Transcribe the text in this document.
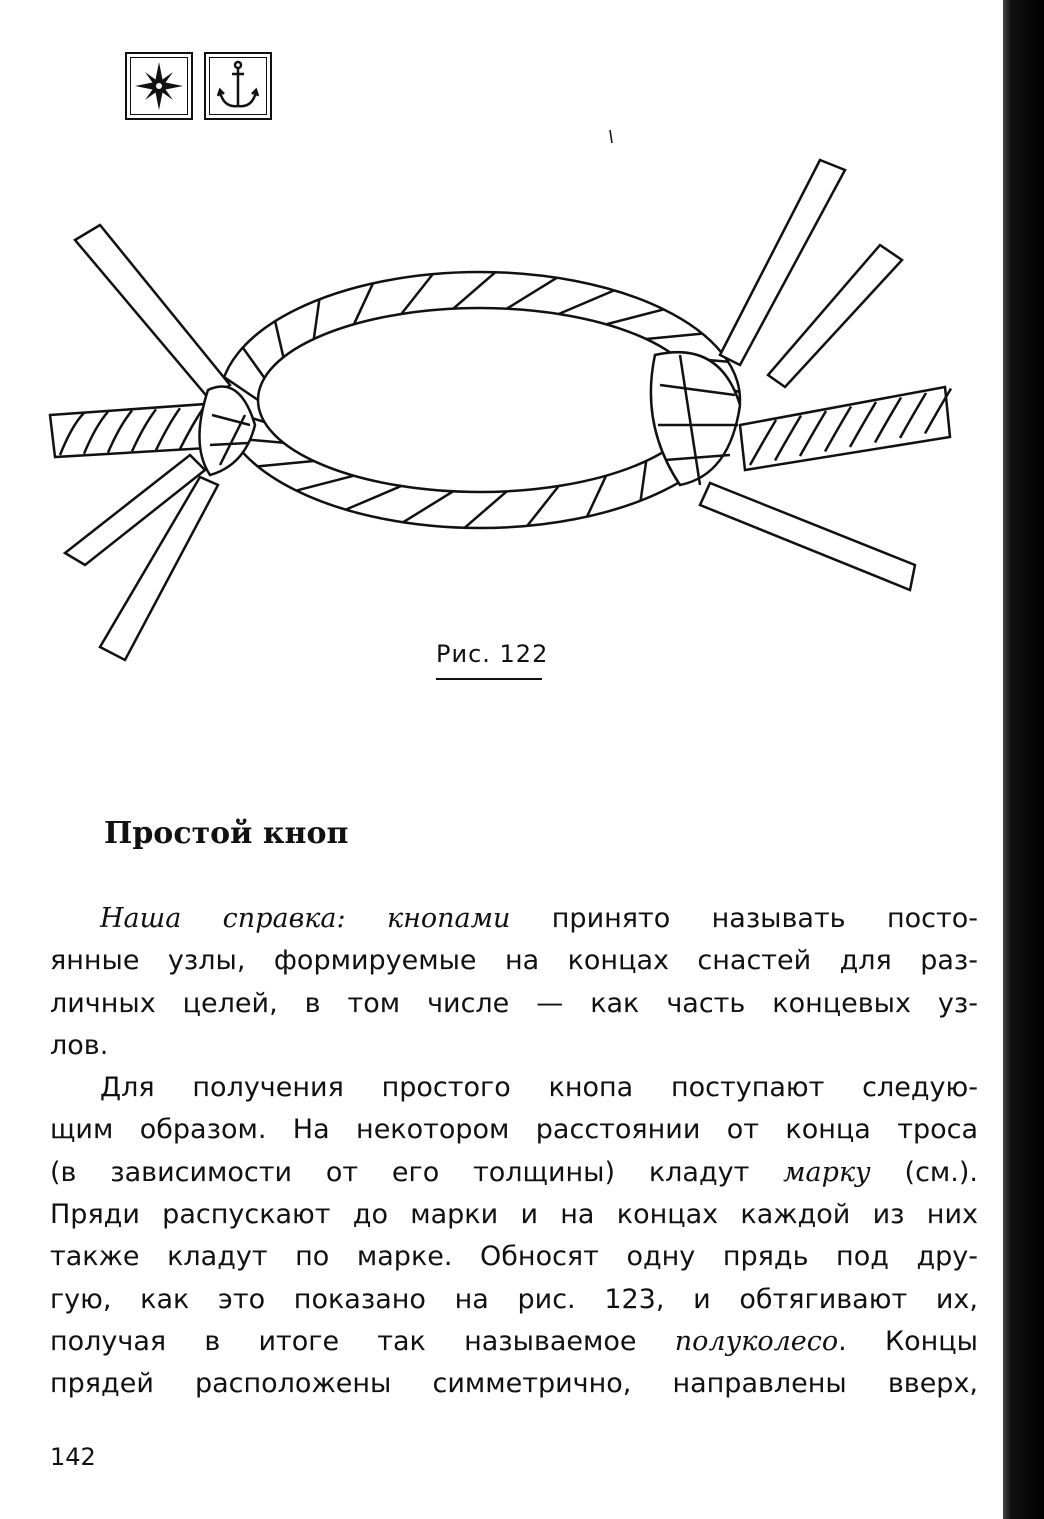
Рис. 122
Простой кноп
Наша справка: кнопами принято называть посто-
янные узлы, формируемые на концах снастей для раз-
личных целей, в том числе — как часть концевых уз-
лов.
Для получения простого кнопа поступают следую-
щим образом. На некотором расстоянии от конца троса
(в зависимости от его толщины) кладут марку (см.).
Пряди распускают до марки и на концах каждой из них
также кладут по марке. Обносят одну прядь под дру-
гую, как это показано на рис. 123, и обтягивают их,
получая в итоге так называемое полуколесо. Концы
прядей расположены симметрично, направлены вверх,
142
